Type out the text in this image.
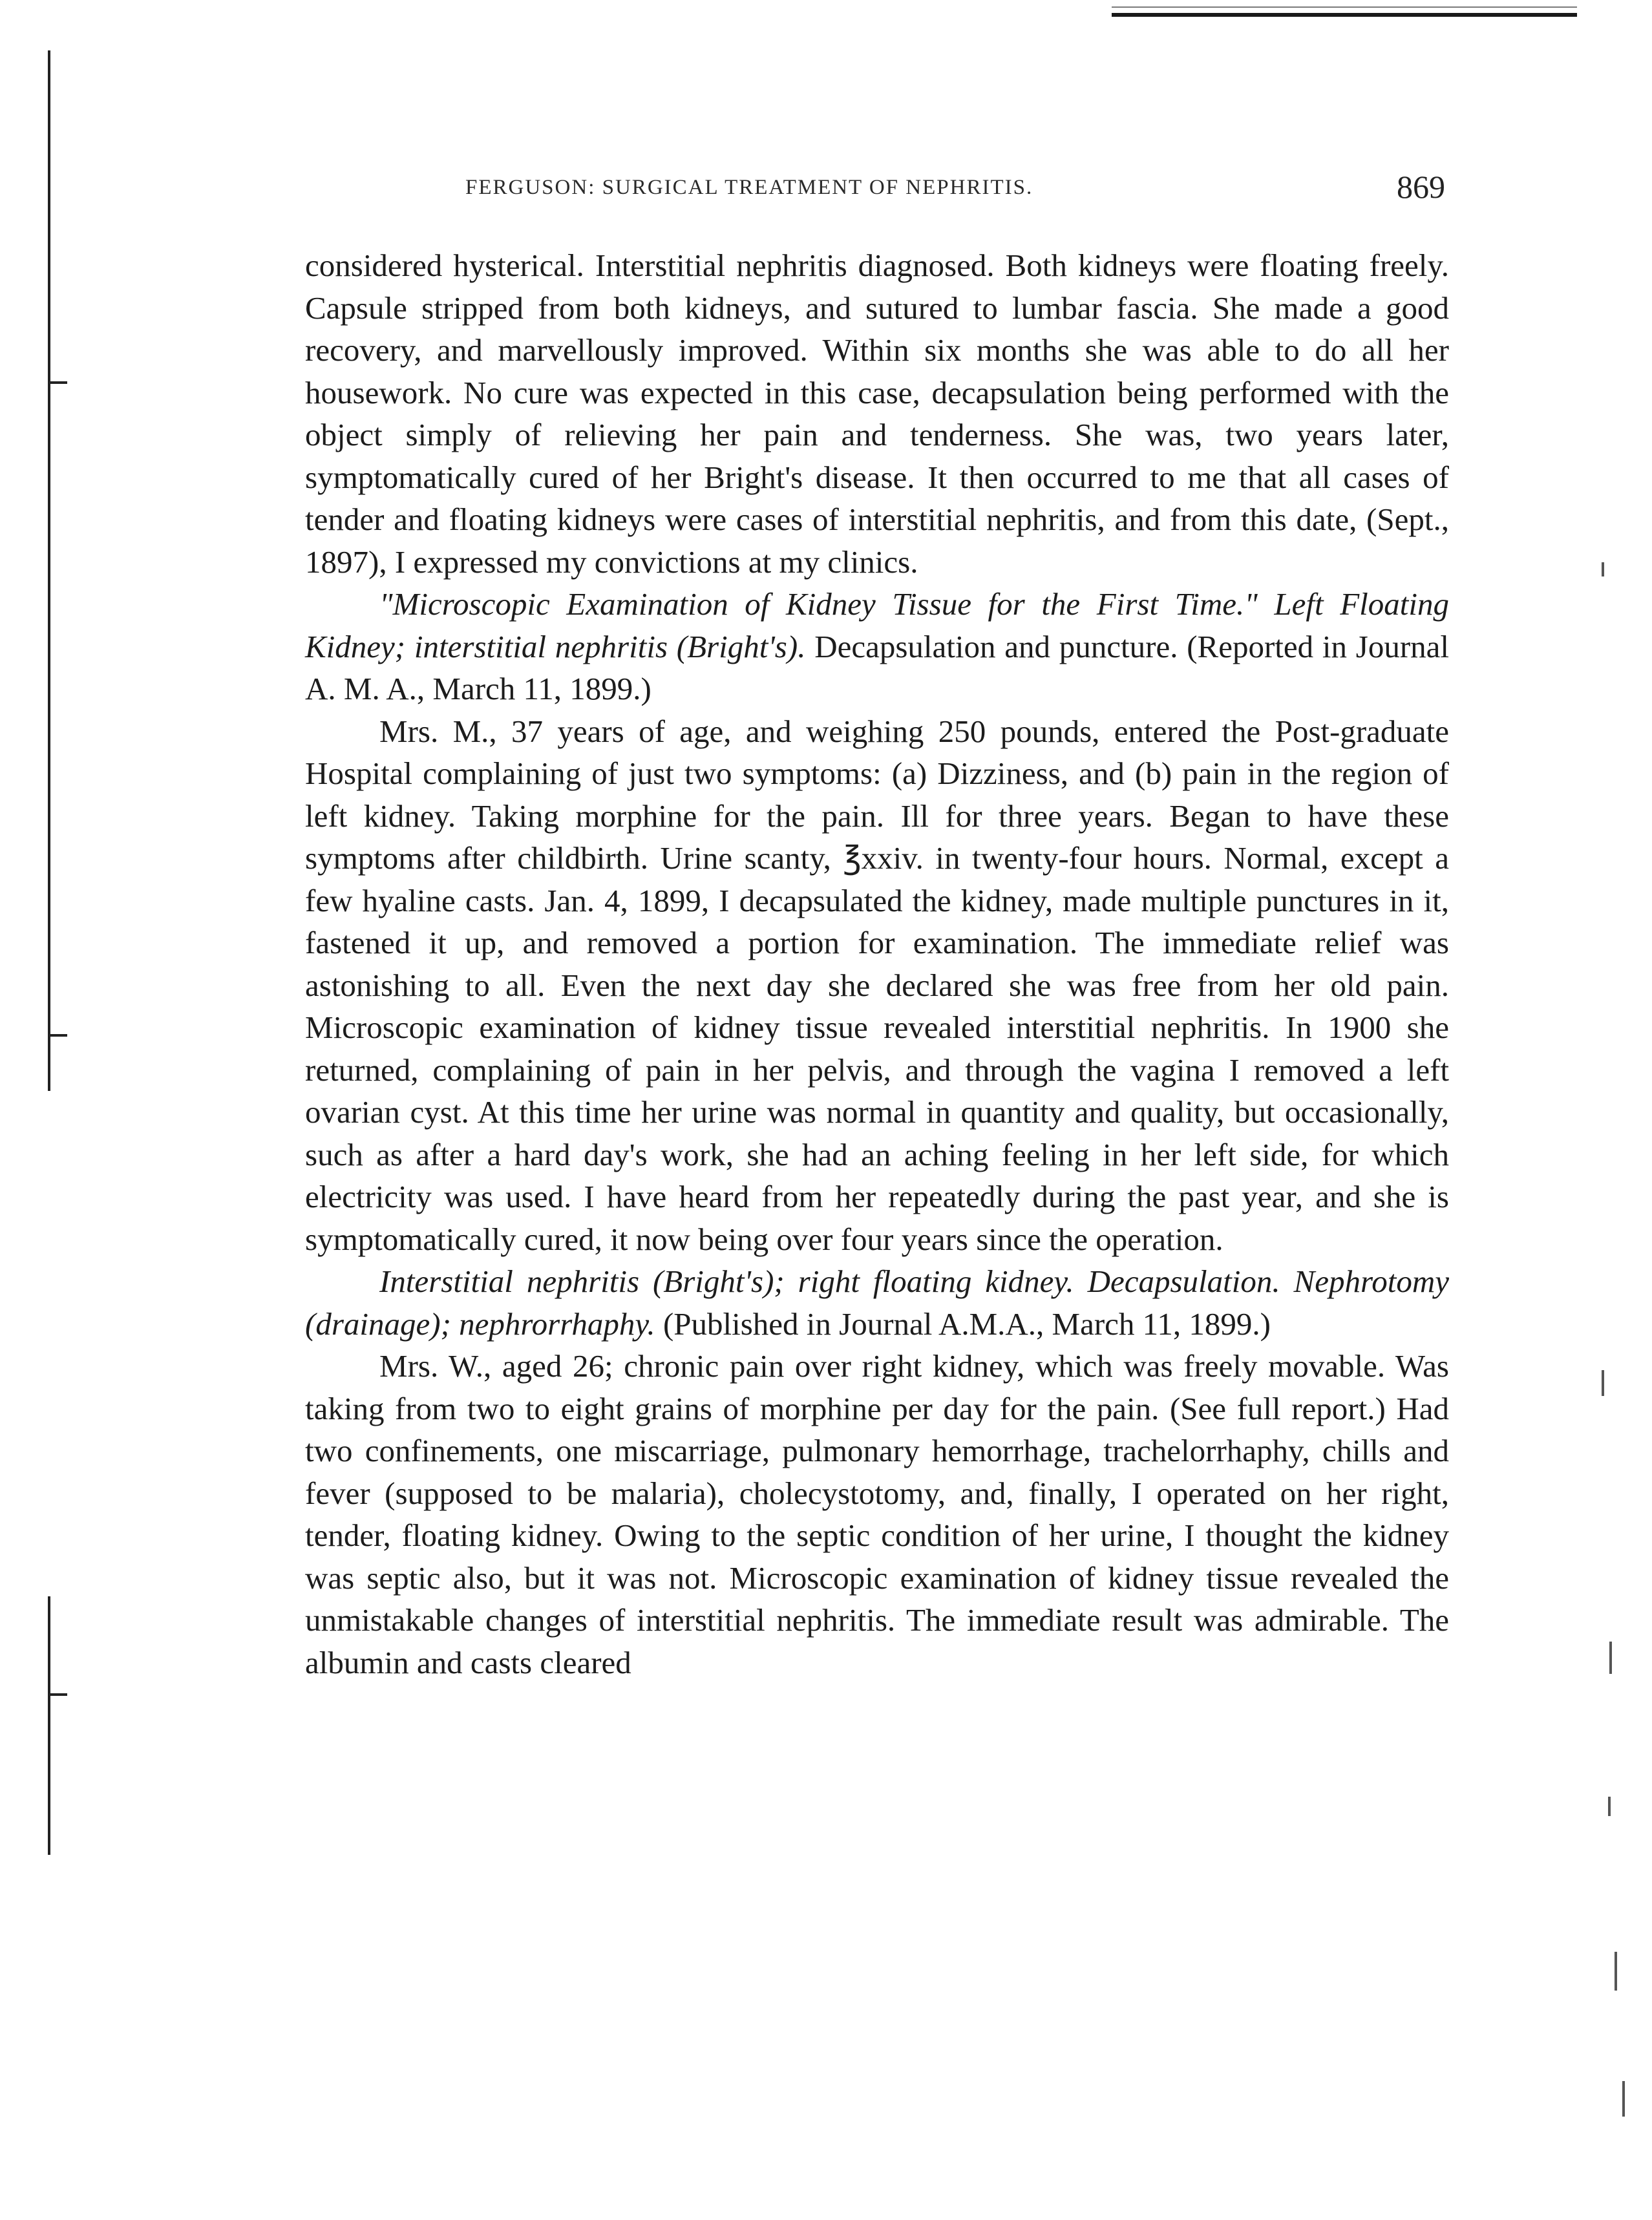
FERGUSON: SURGICAL TREATMENT OF NEPHRITIS.	869

considered hysterical. Interstitial nephritis diagnosed. Both kidneys were floating freely. Capsule stripped from both kidneys, and sutured to lumbar fascia. She made a good recovery, and marvellously improved. Within six months she was able to do all her housework. No cure was expected in this case, decapsulation being performed with the object simply of relieving her pain and tenderness. She was, two years later, symptomatically cured of her Bright's disease. It then occurred to me that all cases of tender and floating kidneys were cases of interstitial nephritis, and from this date, (Sept., 1897), I expressed my convictions at my clinics.

"Microscopic Examination of Kidney Tissue for the First Time." Left Floating Kidney; interstitial nephritis (Bright's). Decapsulation and puncture. (Reported in Journal A. M. A., March 11, 1899.)

Mrs. M., 37 years of age, and weighing 250 pounds, entered the Post-graduate Hospital complaining of just two symptoms: (a) Dizziness, and (b) pain in the region of left kidney. Taking morphine for the pain. Ill for three years. Began to have these symptoms after childbirth. Urine scanty, ℥xxiv. in twenty-four hours. Normal, except a few hyaline casts. Jan. 4, 1899, I decapsulated the kidney, made multiple punctures in it, fastened it up, and removed a portion for examination. The immediate relief was astonishing to all. Even the next day she declared she was free from her old pain. Microscopic examination of kidney tissue revealed interstitial nephritis. In 1900 she returned, complaining of pain in her pelvis, and through the vagina I removed a left ovarian cyst. At this time her urine was normal in quantity and quality, but occasionally, such as after a hard day's work, she had an aching feeling in her left side, for which electricity was used. I have heard from her repeatedly during the past year, and she is symptomatically cured, it now being over four years since the operation.

Interstitial nephritis (Bright's); right floating kidney. Decapsulation. Nephrotomy (drainage); nephrorrhaphy. (Published in Journal A.M.A., March 11, 1899.)

Mrs. W., aged 26; chronic pain over right kidney, which was freely movable. Was taking from two to eight grains of morphine per day for the pain. (See full report.) Had two confinements, one miscarriage, pulmonary hemorrhage, trachelorrhaphy, chills and fever (supposed to be malaria), cholecystotomy, and, finally, I operated on her right, tender, floating kidney. Owing to the septic condition of her urine, I thought the kidney was septic also, but it was not. Microscopic examination of kidney tissue revealed the unmistakable changes of interstitial nephritis. The immediate result was admirable. The albumin and casts cleared
